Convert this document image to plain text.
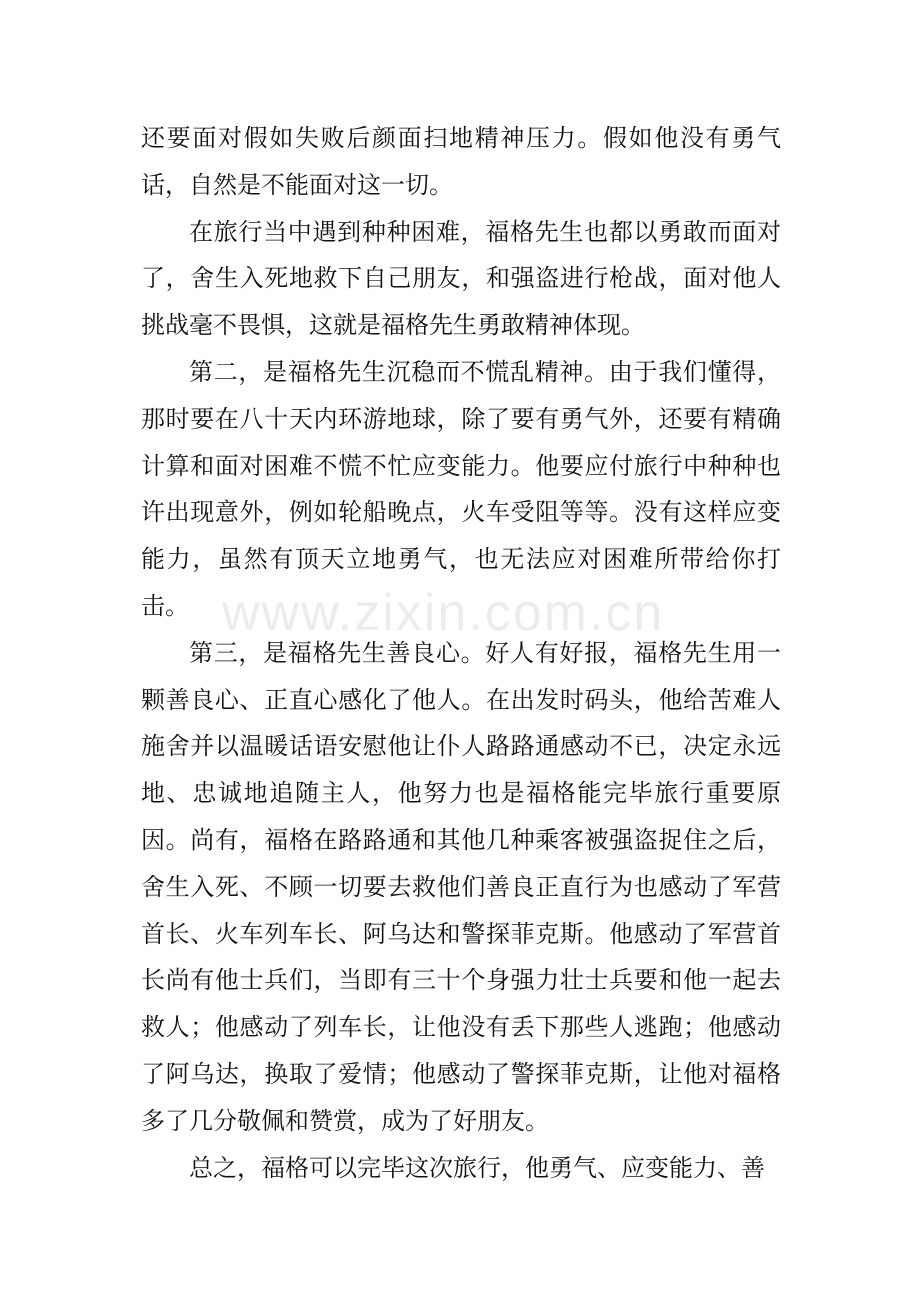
还要面对假如失败后颜面扫地精神压力。假如他没有勇气话，自然是不能面对这一切。

在旅行当中遇到种种困难，福格先生也都以勇敢而面对了，舍生入死地救下自己朋友，和强盗进行枪战，面对他人挑战毫不畏惧，这就是福格先生勇敢精神体现。

第二，是福格先生沉稳而不慌乱精神。由于我们懂得，那时要在八十天内环游地球，除了要有勇气外，还要有精确计算和面对困难不慌不忙应变能力。他要应付旅行中种种也许出现意外，例如轮船晚点，火车受阻等等。没有这样应变能力，虽然有顶天立地勇气，也无法应对困难所带给你打击。

第三，是福格先生善良心。好人有好报，福格先生用一颗善良心、正直心感化了他人。在出发时码头，他给苦难人施舍并以温暖话语安慰他让仆人路路通感动不已，决定永远地、忠诚地追随主人，他努力也是福格能完毕旅行重要原因。尚有，福格在路路通和其他几种乘客被强盗捉住之后，舍生入死、不顾一切要去救他们善良正直行为也感动了军营首长、火车列车长、阿乌达和警探菲克斯。他感动了军营首长尚有他士兵们，当即有三十个身强力壮士兵要和他一起去救人；他感动了列车长，让他没有丢下那些人逃跑；他感动了阿乌达，换取了爱情；他感动了警探菲克斯，让他对福格多了几分敬佩和赞赏，成为了好朋友。

总之，福格可以完毕这次旅行，他勇气、应变能力、善

www.zixin.com.cn
